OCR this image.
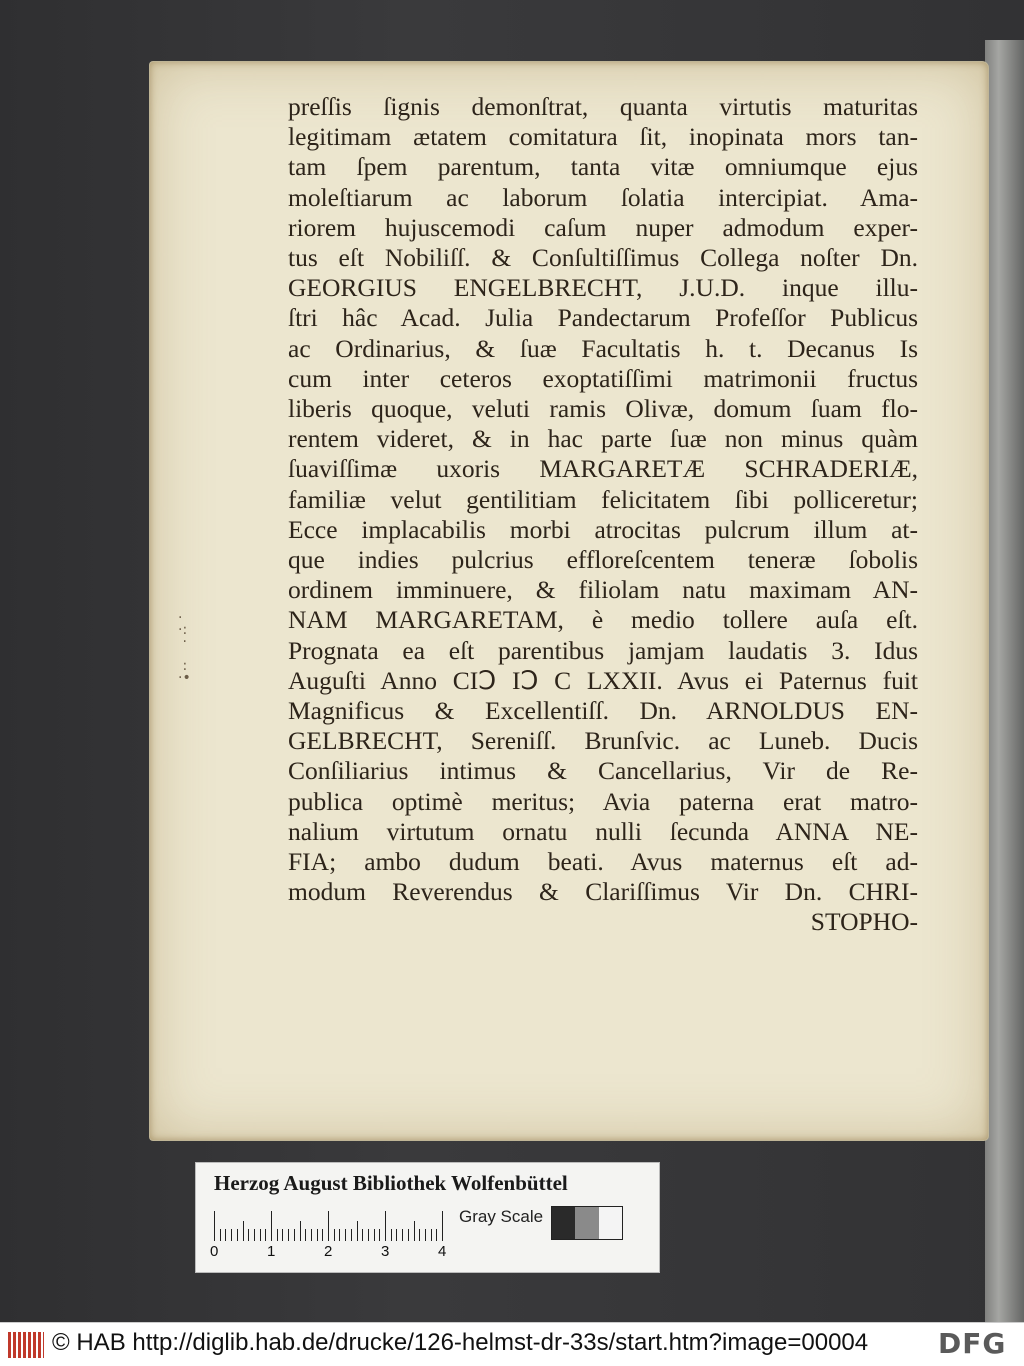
·
·:
·

:
·•
preſſis ſignis demonſtrat, quanta virtutis maturitas
legitimam ætatem comitatura ſit, inopinata mors tan-
tam ſpem parentum, tanta vitæ omniumque ejus
moleſtiarum ac laborum ſolatia intercipiat. Ama-
riorem hujuscemodi caſum nuper admodum exper-
tus eſt Nobiliſſ. & Conſultiſſimus Collega noſter Dn.
GEORGIUS ENGELBRECHT, J.U.D. inque illu-
ſtri hâc Acad. Julia Pandectarum Profeſſor Publicus
ac Ordinarius, & ſuæ Facultatis h. t. Decanus Is
cum inter ceteros exoptatiſſimi matrimonii fructus
liberis quoque, veluti ramis Olivæ, domum ſuam flo-
rentem videret, & in hac parte ſuæ non minus quàm
ſuaviſſimæ uxoris MARGARETÆ SCHRADERIÆ,
familiæ velut gentilitiam felicitatem ſibi polliceretur;
Ecce implacabilis morbi atrocitas pulcrum illum at-
que indies pulcrius effloreſcentem teneræ ſobolis
ordinem imminuere, & filiolam natu maximam AN-
NAM MARGARETAM, è medio tollere auſa eſt.
Prognata ea eſt parentibus jamjam laudatis 3. Idus
Auguſti Anno CIↃ IↃ C LXXII. Avus ei Paternus fuit
Magnificus & Excellentiſſ. Dn. ARNOLDUS EN-
GELBRECHT, Sereniſſ. Brunſvic. ac Luneb. Ducis
Conſiliarius intimus & Cancellarius, Vir de Re-
publica optimè meritus; Avia paterna erat matro-
nalium virtutum ornatu nulli ſecunda ANNA NE-
FIA; ambo dudum beati. Avus maternus eſt ad-
modum Reverendus & Clariſſimus Vir Dn. CHRI-
STOPHO-
Herzog August Bibliothek Wolfenbüttel
0	1	2	3	4
Gray Scale
© HAB http://diglib.hab.de/drucke/126-helmst-dr-33s/start.htm?image=00004 DFG
